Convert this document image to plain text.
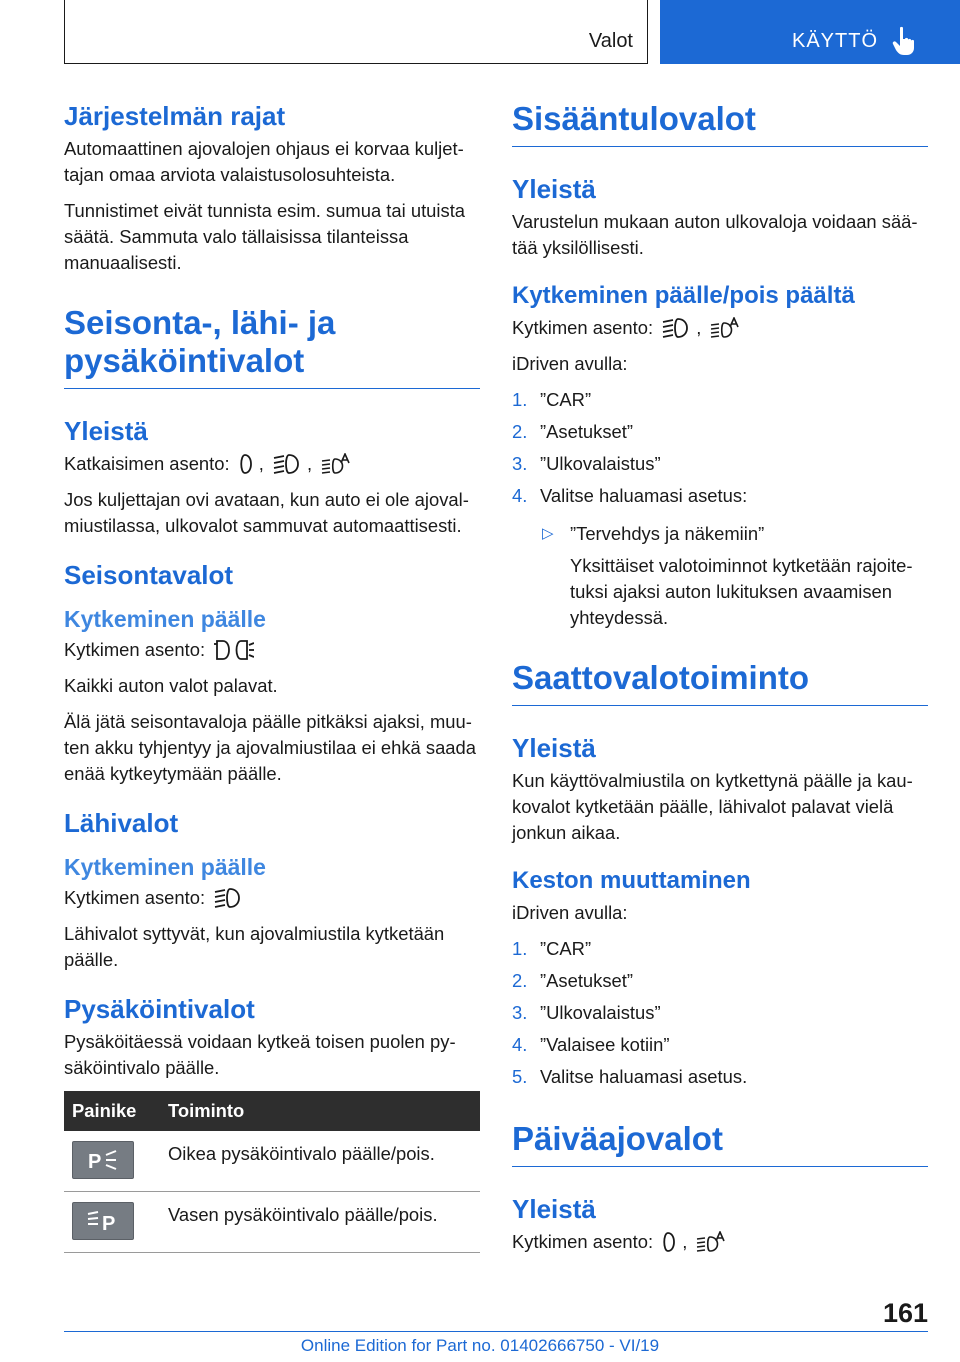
Valot	KÄYTTÖ
Järjestelmän rajat

Automaattinen ajovalojen ohjaus ei korvaa kuljettajan omaa arviota valaistusolosuhteista.

Tunnistimet eivät tunnista esim. sumua tai utuista säätä. Sammuta valo tällaisissa tilanteissa manuaalisesti.

Seisonta-, lähi- ja pysäköintivalot
Yleistä

Katkaisimen asento: , ,

Jos kuljettajan ovi avataan, kun auto ei ole ajovalmiustilassa, ulkovalot sammuvat automaattisesti.

Seisontavalot
Kytkeminen päälle

Kytkimen asento:

Kaikki auton valot palavat.

Älä jätä seisontavaloja päälle pitkäksi ajaksi, muuten akku tyhjentyy ja ajovalmiustilaa ei ehkä saada enää kytkeytymään päälle.

Lähivalot
Kytkeminen päälle

Kytkimen asento:

Lähivalot syttyvät, kun ajovalmiustila kytketään päälle.

Pysäköintivalot

Pysäköitäessä voidaan kytkeä toisen puolen pysäköintivalo päälle.

Painike	Toiminto

P	Oikea pysäköintivalo päälle/pois.

P	Vasen pysäköintivalo päälle/pois.
Sisääntulovalot
Yleistä

Varustelun mukaan auton ulkovaloja voidaan säätää yksilöllisesti.

Kytkeminen päälle/pois päältä

Kytkimen asento: ,

iDriven avulla:

1. ”CAR”
2. ”Asetukset”
3. ”Ulkovalaistus”
4. Valitse haluamasi asetus:
▷ ”Tervehdys ja näkemiin”
Yksittäiset valotoiminnot kytketään rajoitetuksi ajaksi auton lukituksen avaamisen yhteydessä.
Saattovalotoiminto
Yleistä

Kun käyttövalmiustila on kytkettynä päälle ja kaukovalot kytketään päälle, lähivalot palavat vielä jonkun aikaa.

Keston muuttaminen

iDriven avulla:

1. ”CAR”
2. ”Asetukset”
3. ”Ulkovalaistus”
4. ”Valaisee kotiin”
5. Valitse haluamasi asetus.
Päiväajovalot
Yleistä

Kytkimen asento: ,

161
Online Edition for Part no. 01402666750 - VI/19
